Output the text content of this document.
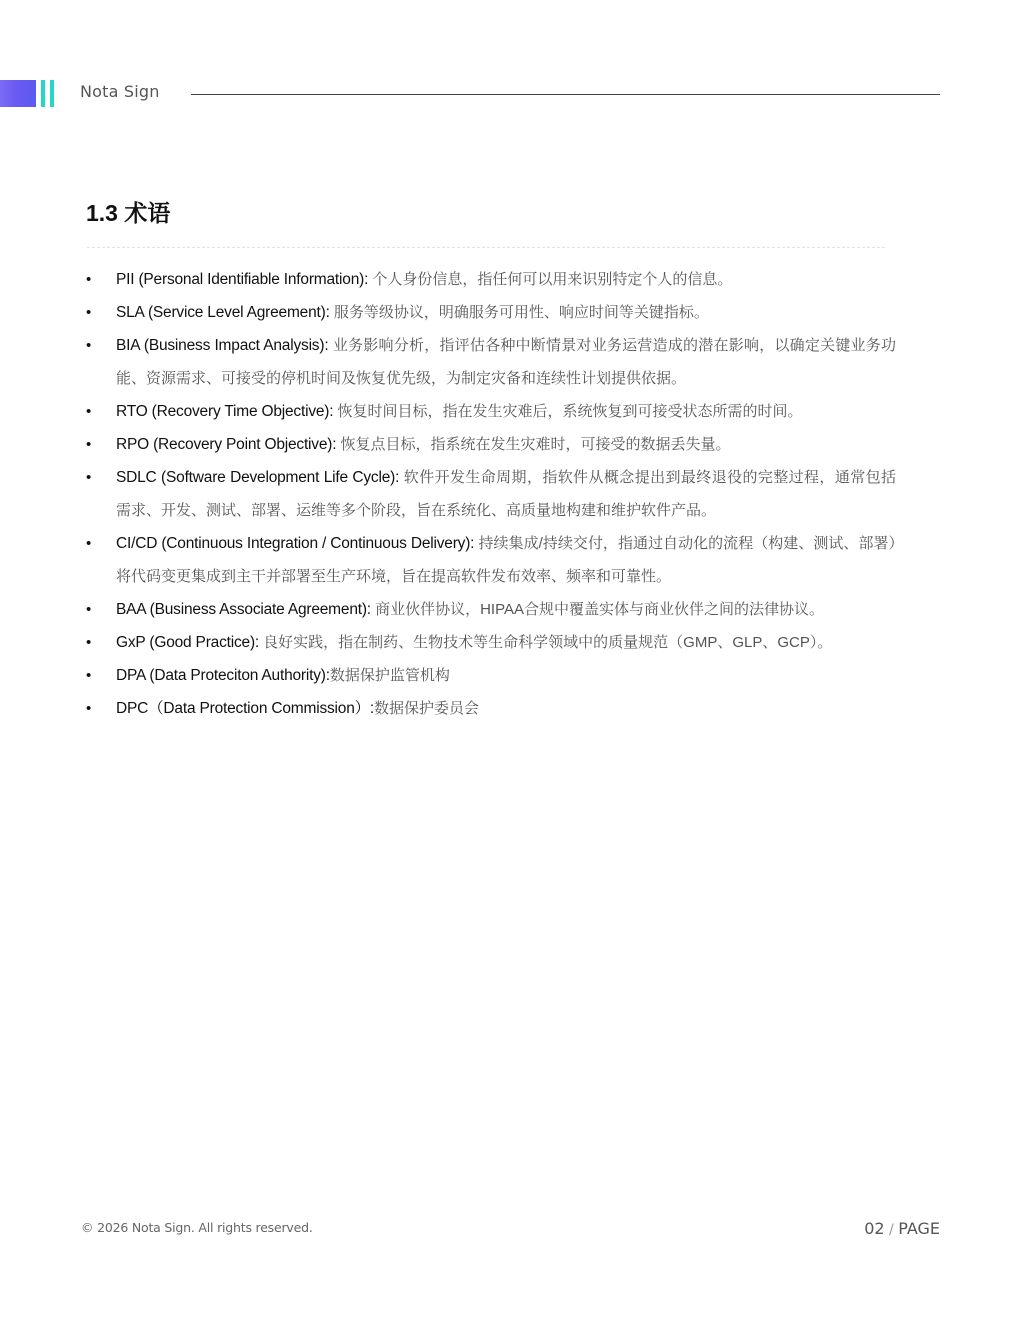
Nota Sign
1.3 术语
•	PII (Personal Identifiable Information): 个人身份信息，指任何可以用来识别特定个人的信息。
•	SLA (Service Level Agreement): 服务等级协议，明确服务可用性、响应时间等关键指标。
•	BIA (Business Impact Analysis): 业务影响分析，指评估各种中断情景对业务运营造成的潜在影响，以确定关键业务功能、资源需求、可接受的停机时间及恢复优先级，为制定灾备和连续性计划提供依据。
•	RTO (Recovery Time Objective): 恢复时间目标，指在发生灾难后，系统恢复到可接受状态所需的时间。
•	RPO (Recovery Point Objective): 恢复点目标，指系统在发生灾难时，可接受的数据丢失量。
•	SDLC (Software Development Life Cycle): 软件开发生命周期，指软件从概念提出到最终退役的完整过程，通常包括需求、开发、测试、部署、运维等多个阶段，旨在系统化、高质量地构建和维护软件产品。
•	CI/CD (Continuous Integration / Continuous Delivery): 持续集成/持续交付，指通过自动化的流程（构建、测试、部署）将代码变更集成到主干并部署至生产环境，旨在提高软件发布效率、频率和可靠性。
•	BAA (Business Associate Agreement): 商业伙伴协议，HIPAA合规中覆盖实体与商业伙伴之间的法律协议。
•	GxP (Good Practice): 良好实践，指在制药、生物技术等生命科学领域中的质量规范（GMP、GLP、GCP）。
•	DPA (Data Proteciton Authority):数据保护监管机构
•	DPC（Data Protection Commission）:数据保护委员会
© 2026 Nota Sign. All rights reserved.	02 / PAGE
